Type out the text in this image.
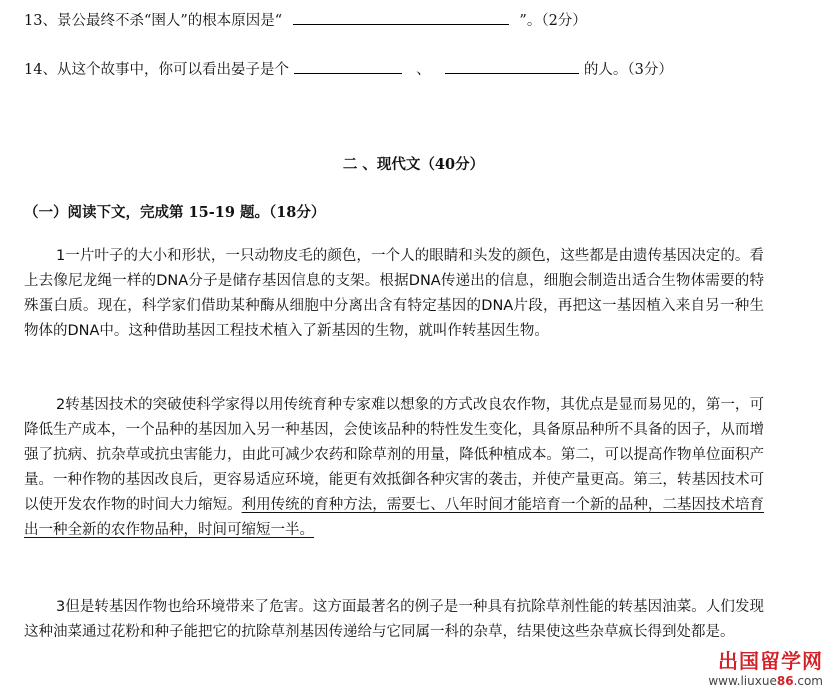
13、景公最终不杀“圉人”的根本原因是“	”。（2分）
14、从这个故事中，你可以看出晏子是个	、	的人。（3分）
二 、现代文（40分）
（一）阅读下文，完成第 15-19 题。（18分）
1一片叶子的大小和形状，一只动物皮毛的颜色，一个人的眼睛和头发的颜色，这些都是由遗传基因决定的。看上去像尼龙绳一样的DNA分子是储存基因信息的支架。根据DNA传递出的信息，细胞会制造出适合生物体需要的特殊蛋白质。现在，科学家们借助某种酶从细胞中分离出含有特定基因的DNA片段，再把这一基因植入来自另一种生物体的DNA中。这种借助基因工程技术植入了新基因的生物，就叫作转基因生物。
2转基因技术的突破使科学家得以用传统育种专家难以想象的方式改良农作物，其优点是显而易见的，第一，可降低生产成本，一个品种的基因加入另一种基因，会使该品种的特性发生变化，具备原品种所不具备的因子，从而增强了抗病、抗杂草或抗虫害能力，由此可减少农药和除草剂的用量，降低种植成本。第二，可以提高作物单位面积产量。一种作物的基因改良后，更容易适应环境，能更有效抵御各种灾害的袭击，并使产量更高。第三，转基因技术可以使开发农作物的时间大力缩短。利用传统的育种方法，需要七、八年时间才能培育一个新的品种，二基因技术培育出一种全新的农作物品种，时间可缩短一半。
3但是转基因作物也给环境带来了危害。这方面最著名的例子是一种具有抗除草剂性能的转基因油菜。人们发现这种油菜通过花粉和种子能把它的抗除草剂基因传递给与它同属一科的杂草，结果使这些杂草疯长得到处都是。
出国留学网
www.liuxue86.com
